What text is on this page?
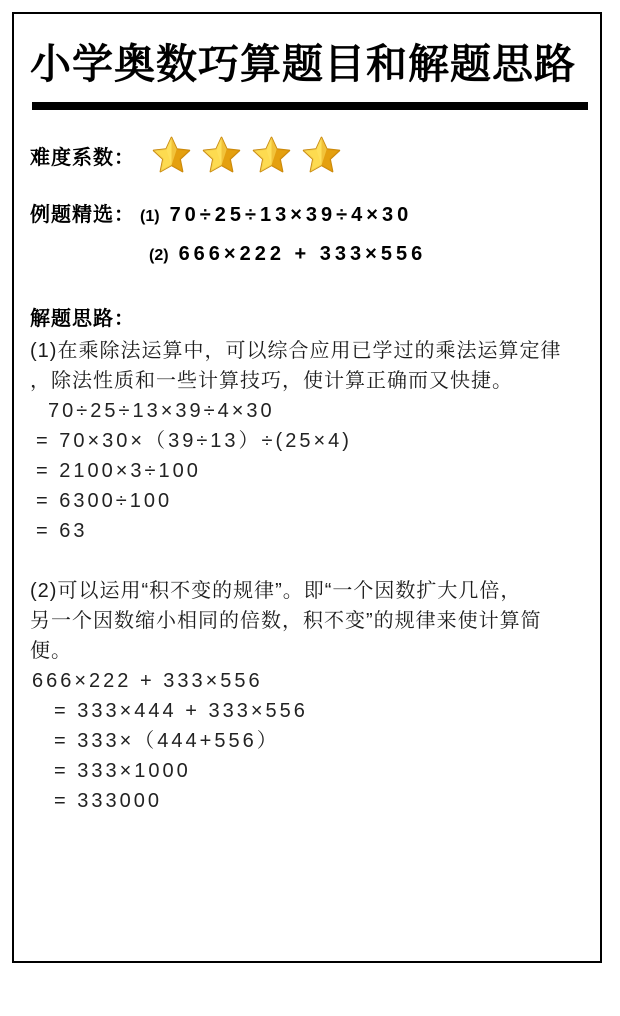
小学奥数巧算题目和解题思路
难度系数：
例题精选： (1) 70÷25÷13×39÷4×30
(2) 666×222 + 333×556
解题思路：
(1)在乘除法运算中，可以综合应用已学过的乘法运算定律
，除法性质和一些计算技巧，使计算正确而又快捷。
70÷25÷13×39÷4×30
= 70×30×（39÷13）÷(25×4)
= 2100×3÷100
= 6300÷100
= 63
(2)可以运用“积不变的规律”。即“一个因数扩大几倍，
另一个因数缩小相同的倍数，积不变”的规律来使计算简
便。
666×222 + 333×556
= 333×444 + 333×556
= 333×（444+556）
= 333×1000
= 333000
